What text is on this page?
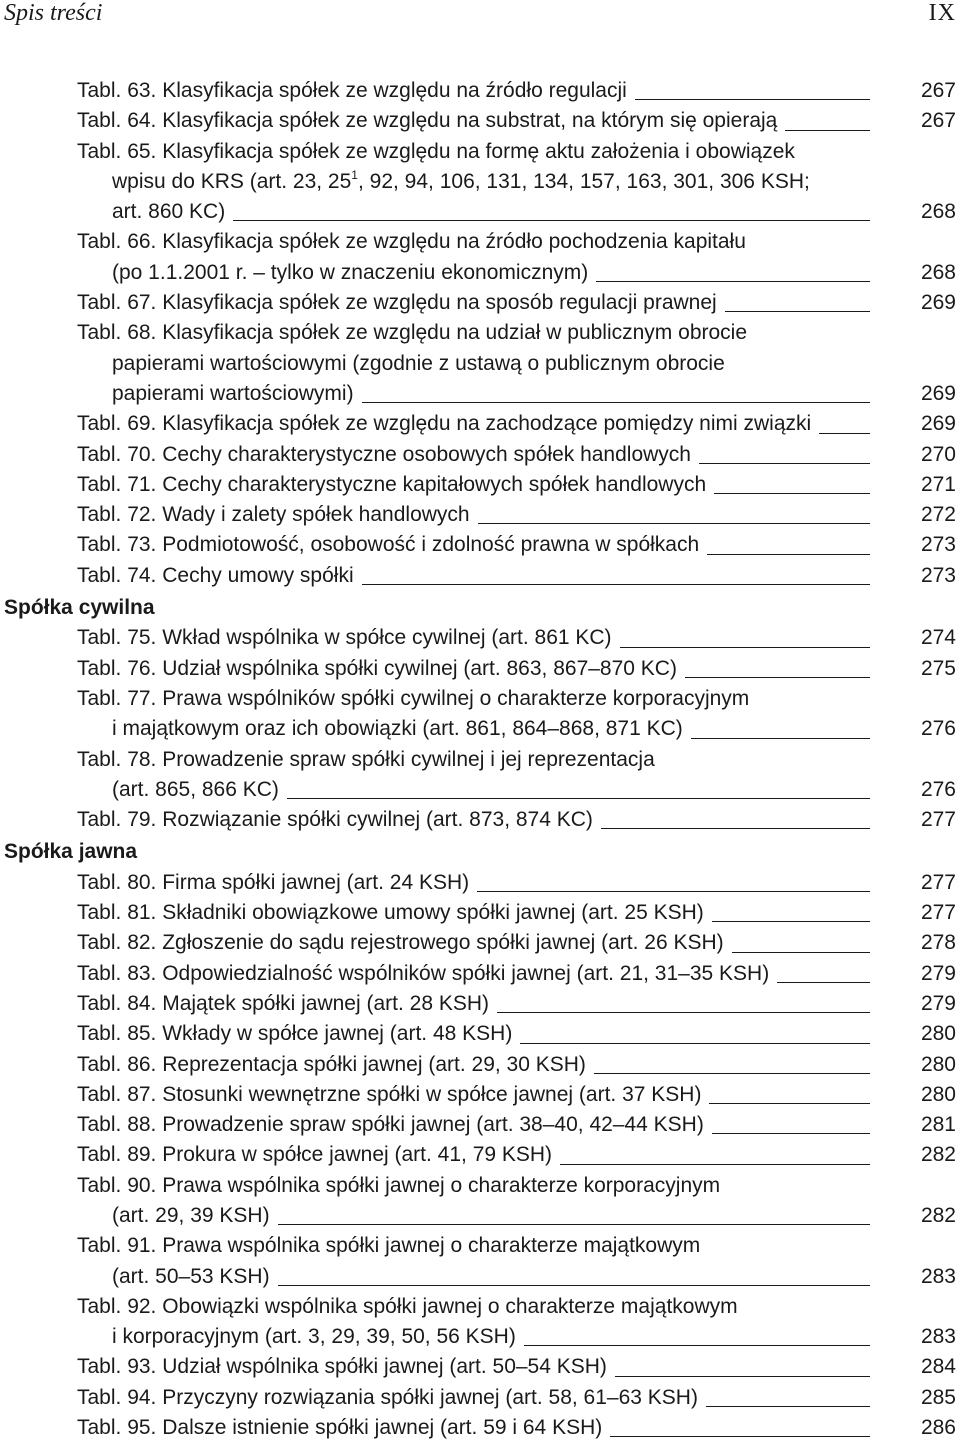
Spis treści	IX
Tabl. 63. Klasyfikacja spółek ze względu na źródło regulacji	267
Tabl. 64. Klasyfikacja spółek ze względu na substrat, na którym się opierają	267
Tabl. 65. Klasyfikacja spółek ze względu na formę aktu założenia i obowiązek
wpisu do KRS (art. 23, $25^1$, 92, 94, 106, 131, 134, 157, 163, 301, 306 KSH;
art. 860 KC)	268
Tabl. 66. Klasyfikacja spółek ze względu na źródło pochodzenia kapitału
(po 1.1.2001 r. – tylko w znaczeniu ekonomicznym)	268
Tabl. 67. Klasyfikacja spółek ze względu na sposób regulacji prawnej	269
Tabl. 68. Klasyfikacja spółek ze względu na udział w publicznym obrocie
papierami wartościowymi (zgodnie z ustawą o publicznym obrocie
papierami wartościowymi)	269
Tabl. 69. Klasyfikacja spółek ze względu na zachodzące pomiędzy nimi związki	269
Tabl. 70. Cechy charakterystyczne osobowych spółek handlowych	270
Tabl. 71. Cechy charakterystyczne kapitałowych spółek handlowych	271
Tabl. 72. Wady i zalety spółek handlowych	272
Tabl. 73. Podmiotowość, osobowość i zdolność prawna w spółkach	273
Tabl. 74. Cechy umowy spółki	273
Spółka cywilna
Tabl. 75. Wkład wspólnika w spółce cywilnej (art. 861 KC)	274
Tabl. 76. Udział wspólnika spółki cywilnej (art. 863, 867–870 KC)	275
Tabl. 77. Prawa wspólników spółki cywilnej o charakterze korporacyjnym
i majątkowym oraz ich obowiązki (art. 861, 864–868, 871 KC)	276
Tabl. 78. Prowadzenie spraw spółki cywilnej i jej reprezentacja
(art. 865, 866 KC)	276
Tabl. 79. Rozwiązanie spółki cywilnej (art. 873, 874 KC)	277
Spółka jawna
Tabl. 80. Firma spółki jawnej (art. 24 KSH)	277
Tabl. 81. Składniki obowiązkowe umowy spółki jawnej (art. 25 KSH)	277
Tabl. 82. Zgłoszenie do sądu rejestrowego spółki jawnej (art. 26 KSH)	278
Tabl. 83. Odpowiedzialność wspólników spółki jawnej (art. 21, 31–35 KSH)	279
Tabl. 84. Majątek spółki jawnej (art. 28 KSH)	279
Tabl. 85. Wkłady w spółce jawnej (art. 48 KSH)	280
Tabl. 86. Reprezentacja spółki jawnej (art. 29, 30 KSH)	280
Tabl. 87. Stosunki wewnętrzne spółki w spółce jawnej (art. 37 KSH)	280
Tabl. 88. Prowadzenie spraw spółki jawnej (art. 38–40, 42–44 KSH)	281
Tabl. 89. Prokura w spółce jawnej (art. 41, 79 KSH)	282
Tabl. 90. Prawa wspólnika spółki jawnej o charakterze korporacyjnym
(art. 29, 39 KSH)	282
Tabl. 91. Prawa wspólnika spółki jawnej o charakterze majątkowym
(art. 50–53 KSH)	283
Tabl. 92. Obowiązki wspólnika spółki jawnej o charakterze majątkowym
i korporacyjnym (art. 3, 29, 39, 50, 56 KSH)	283
Tabl. 93. Udział wspólnika spółki jawnej (art. 50–54 KSH)	284
Tabl. 94. Przyczyny rozwiązania spółki jawnej (art. 58, 61–63 KSH)	285
Tabl. 95. Dalsze istnienie spółki jawnej (art. 59 i 64 KSH)	286
